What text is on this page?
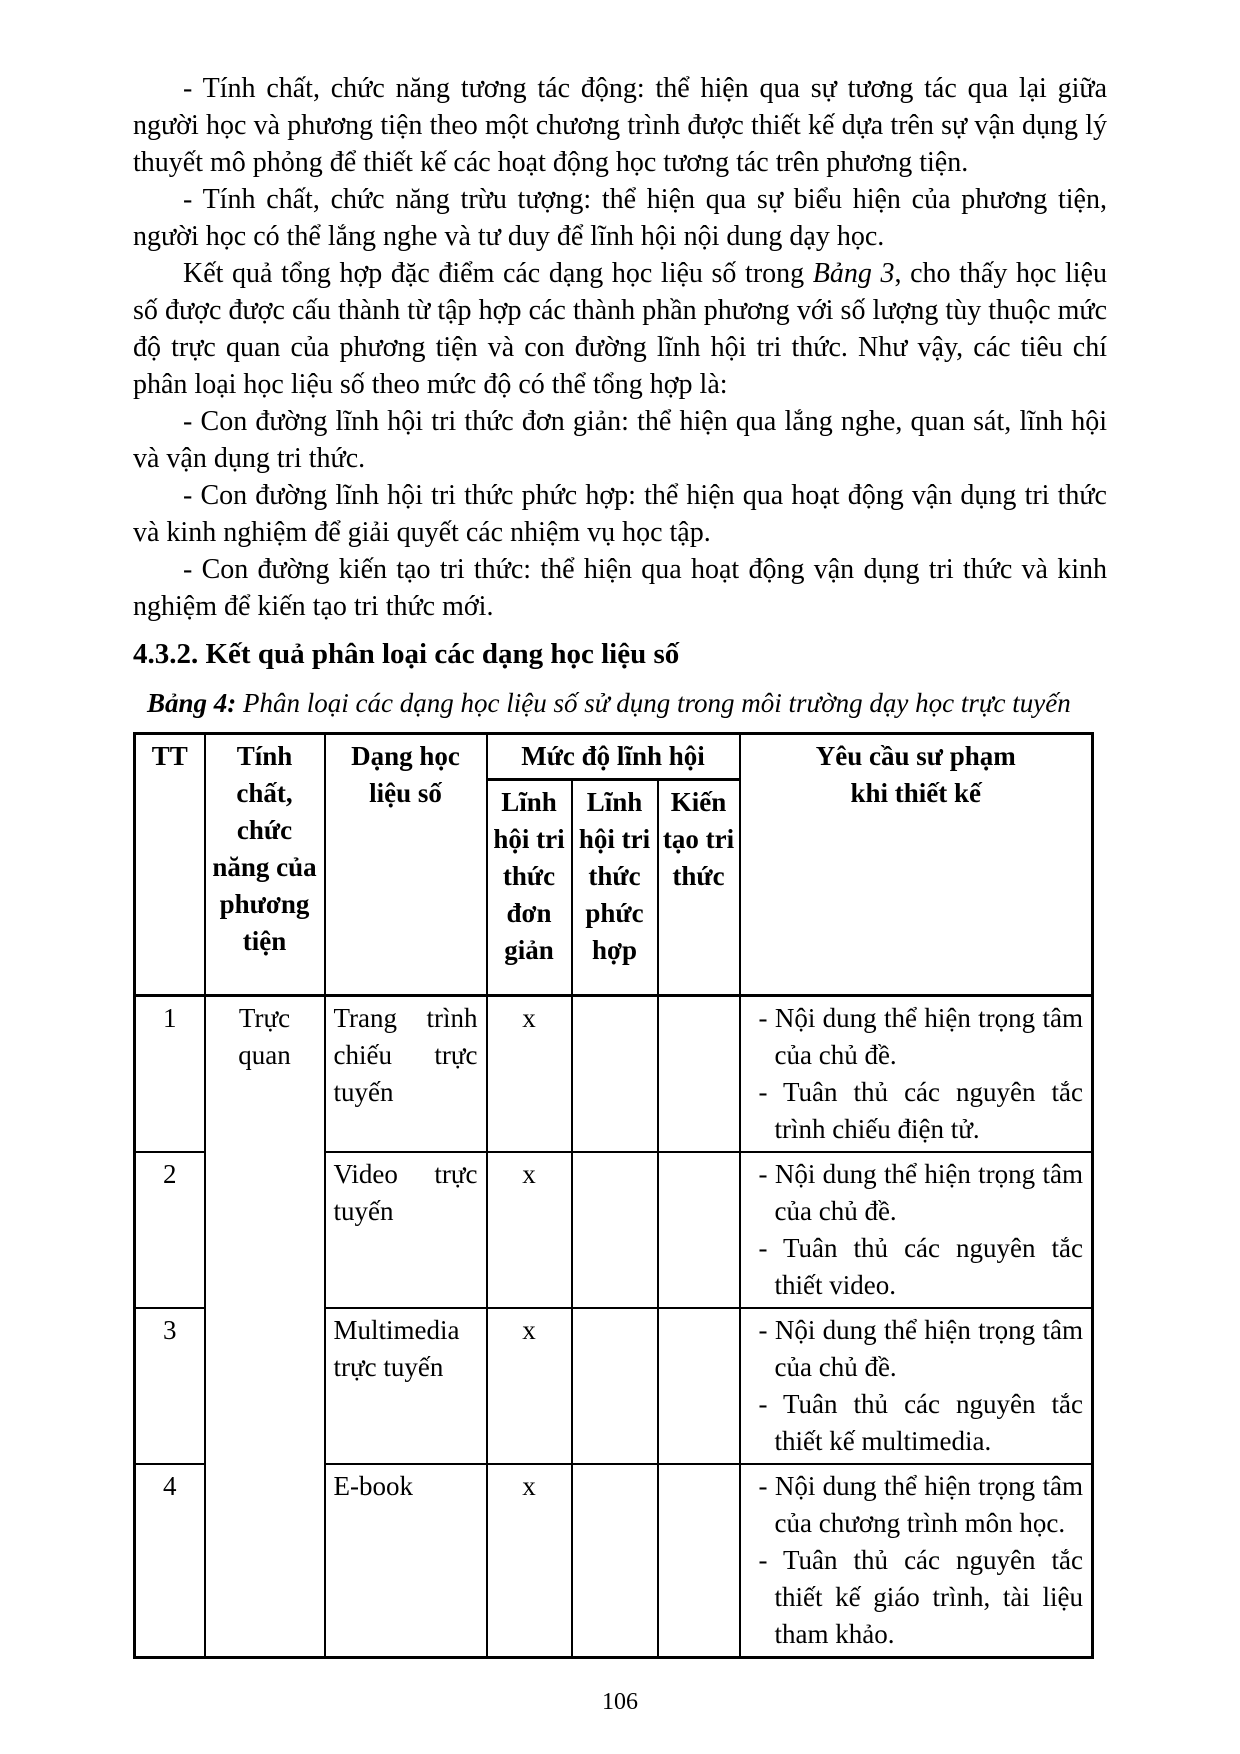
- Tính chất, chức năng tương tác động: thể hiện qua sự tương tác qua lại giữa người học và phương tiện theo một chương trình được thiết kế dựa trên sự vận dụng lý thuyết mô phỏng để thiết kế các hoạt động học tương tác trên phương tiện.

- Tính chất, chức năng trừu tượng: thể hiện qua sự biểu hiện của phương tiện, người học có thể lắng nghe và tư duy để lĩnh hội nội dung dạy học.

Kết quả tổng hợp đặc điểm các dạng học liệu số trong Bảng 3, cho thấy học liệu số được được cấu thành từ tập hợp các thành phần phương với số lượng tùy thuộc mức độ trực quan của phương tiện và con đường lĩnh hội tri thức. Như vậy, các tiêu chí phân loại học liệu số theo mức độ có thể tổng hợp là:

- Con đường lĩnh hội tri thức đơn giản: thể hiện qua lắng nghe, quan sát, lĩnh hội và vận dụng tri thức.

- Con đường lĩnh hội tri thức phức hợp: thể hiện qua hoạt động vận dụng tri thức và kinh nghiệm để giải quyết các nhiệm vụ học tập.

- Con đường kiến tạo tri thức: thể hiện qua hoạt động vận dụng tri thức và kinh nghiệm để kiến tạo tri thức mới.

4.3.2. Kết quả phân loại các dạng học liệu số
Bảng 4: Phân loại các dạng học liệu số sử dụng trong môi trường dạy học trực tuyến
TT	Tính chất, chức năng của phương tiện	Dạng học liệu số	Mức độ lĩnh hội			Yêu cầu sư phạm
khi thiết kế

			Lĩnh hội tri thức đơn giản	Lĩnh hội tri thức phức hợp	Kiến tạo tri thức	
1	Trực quan	Trang trình chiếu trực tuyến	x			- Nội dung thể hiện trọng tâm của chủ đề.
- Tuân thủ các nguyên tắc trình chiếu điện tử.

2		Video trực tuyến	x			- Nội dung thể hiện trọng tâm của chủ đề.
- Tuân thủ các nguyên tắc thiết video.

3		Multimedia trực tuyến	x			- Nội dung thể hiện trọng tâm của chủ đề.
- Tuân thủ các nguyên tắc thiết kế multimedia.

4		E-book	x			- Nội dung thể hiện trọng tâm của chương trình môn học.
- Tuân thủ các nguyên tắc thiết kế giáo trình, tài liệu tham khảo.
106
